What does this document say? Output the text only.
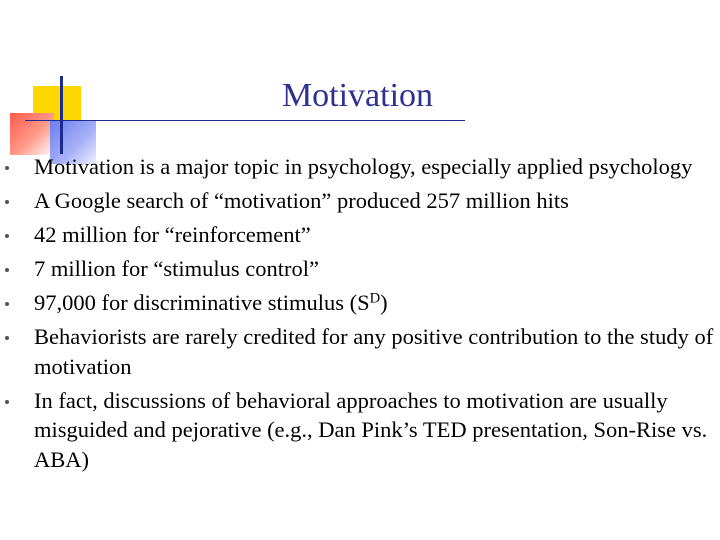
Motivation
Motivation is a major topic in psychology, especially applied psychology
A Google search of “motivation” produced 257 million hits
42 million for “reinforcement”
7 million for “stimulus control”
97,000 for discriminative stimulus $(S^D)$
Behaviorists are rarely credited for any positive contribution to the study of motivation
In fact, discussions of behavioral approaches to motivation are usually misguided and pejorative (e.g., Dan Pink’s TED presentation, Son-Rise vs. ABA)
